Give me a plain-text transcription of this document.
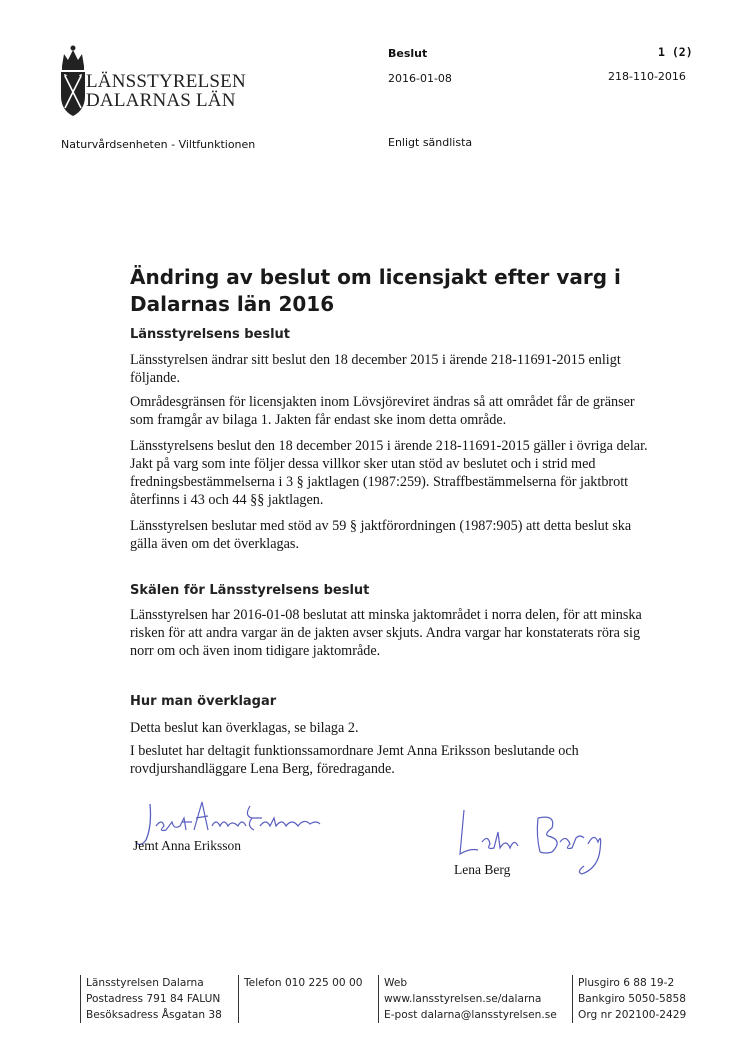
LÄNSSTYRELSEN
DALARNAS LÄN
Beslut	1 (2)
2016-01-08	218-110-2016
Naturvårdsenheten - Viltfunktionen	Enligt sändlista
Ändring av beslut om licensjakt efter varg i Dalarnas län 2016
Länsstyrelsens beslut
Länsstyrelsen ändrar sitt beslut den 18 december 2015 i ärende 218-11691-2015 enligt följande.
Områdesgränsen för licensjakten inom Lövsjöreviret ändras så att området får de gränser som framgår av bilaga 1. Jakten får endast ske inom detta område.
Länsstyrelsens beslut den 18 december 2015 i ärende 218-11691-2015 gäller i övriga delar. Jakt på varg som inte följer dessa villkor sker utan stöd av beslutet och i strid med fredningsbestämmelserna i 3 § jaktlagen (1987:259). Straffbestämmelserna för jaktbrott återfinns i 43 och 44 §§ jaktlagen.
Länsstyrelsen beslutar med stöd av 59 § jaktförordningen (1987:905) att detta beslut ska gälla även om det överklagas.
Skälen för Länsstyrelsens beslut
Länsstyrelsen har 2016-01-08 beslutat att minska jaktområdet i norra delen, för att minska risken för att andra vargar än de jakten avser skjuts. Andra vargar har konstaterats röra sig norr om och även inom tidigare jaktområde.
Hur man överklagar
Detta beslut kan överklagas, se bilaga 2.
I beslutet har deltagit funktionssamordnare Jemt Anna Eriksson beslutande och rovdjurshandläggare Lena Berg, föredragande.
Jemt Anna Eriksson
Lena Berg
Länsstyrelsen Dalarna
Postadress 791 84 FALUN
Besöksadress Åsgatan 38
Telefon 010 225 00 00	Web www.lansstyrelsen.se/dalarna
E-post dalarna@lansstyrelsen.se
Plusgiro 6 88 19-2
Bankgiro 5050-5858
Org nr 202100-2429
